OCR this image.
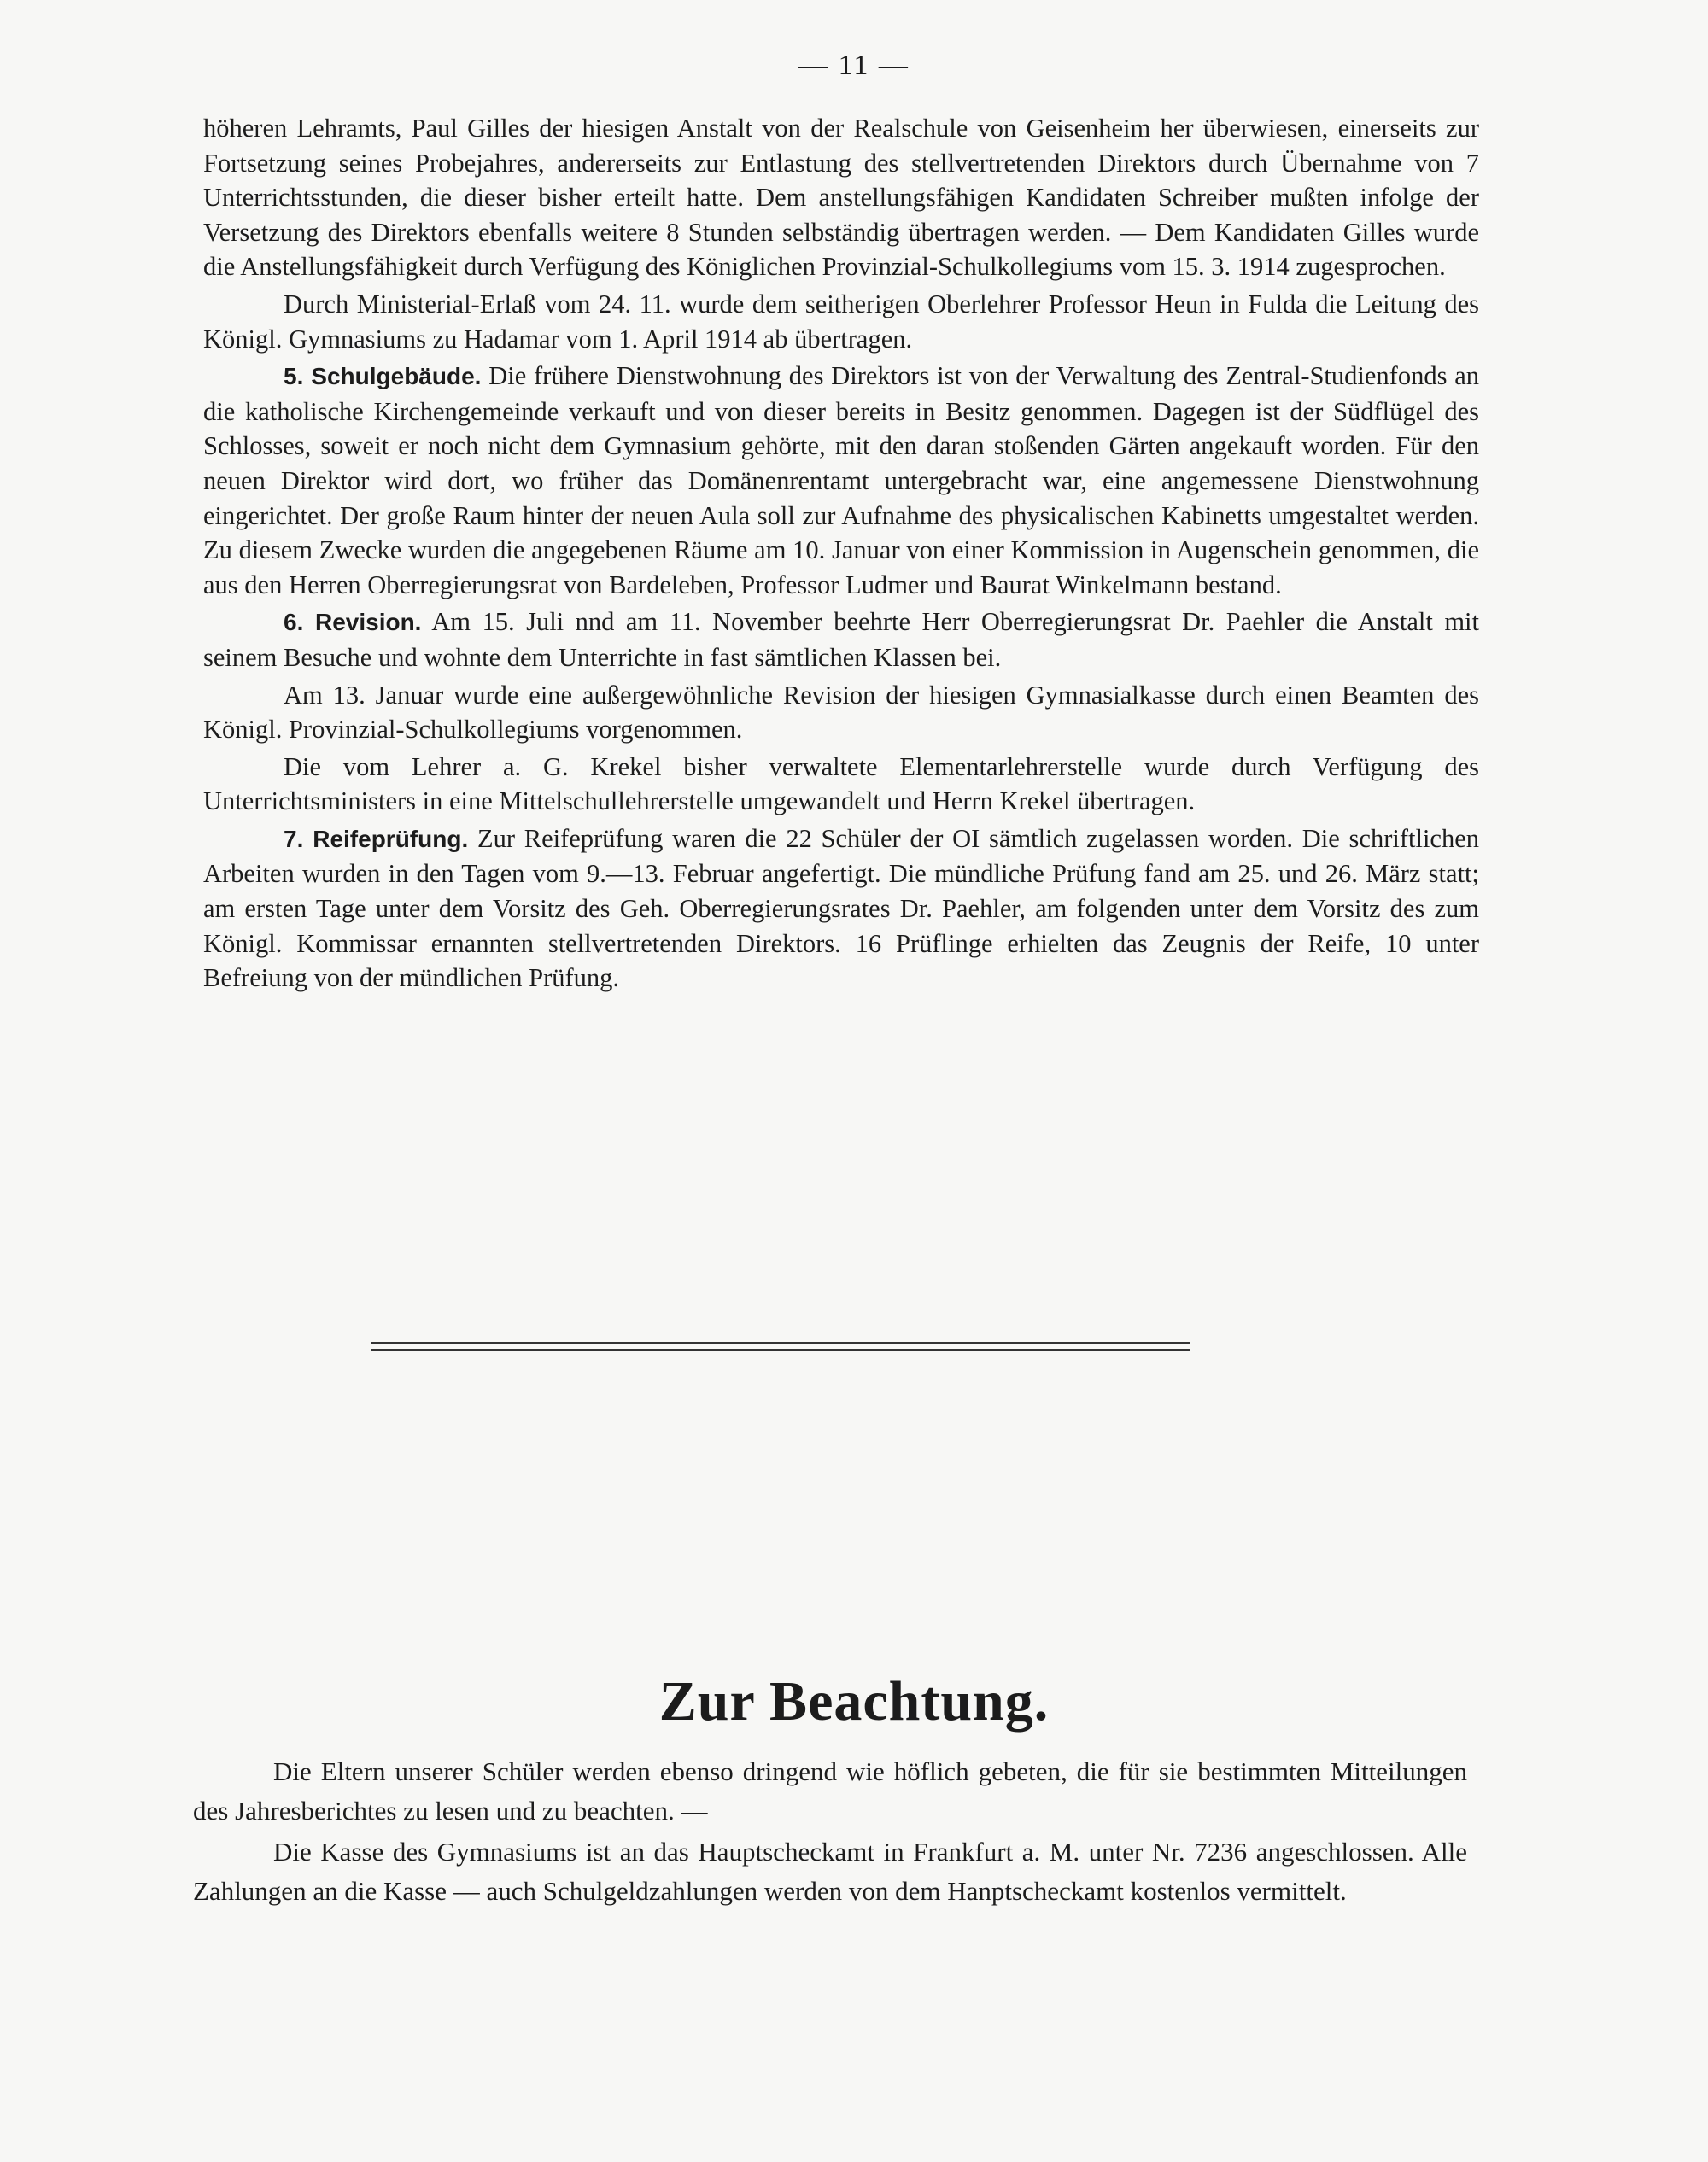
— 11 —

höheren Lehramts, Paul Gilles der hiesigen Anstalt von der Realschule von Geisenheim her überwiesen, einerseits zur Fortsetzung seines Probejahres, andererseits zur Entlastung des stellvertretenden Direktors durch Übernahme von 7 Unterrichtsstunden, die dieser bisher erteilt hatte. Dem anstellungsfähigen Kandidaten Schreiber mußten infolge der Versetzung des Direktors ebenfalls weitere 8 Stunden selbständig übertragen werden. — Dem Kandidaten Gilles wurde die Anstellungsfähigkeit durch Verfügung des Königlichen Provinzial-Schulkollegiums vom 15. 3. 1914 zugesprochen.

Durch Ministerial-Erlaß vom 24. 11. wurde dem seitherigen Oberlehrer Professor Heun in Fulda die Leitung des Königl. Gymnasiums zu Hadamar vom 1. April 1914 ab übertragen.

5. Schulgebäude. Die frühere Dienstwohnung des Direktors ist von der Verwaltung des Zentral-Studienfonds an die katholische Kirchengemeinde verkauft und von dieser bereits in Besitz genommen. Dagegen ist der Südflügel des Schlosses, soweit er noch nicht dem Gymnasium gehörte, mit den daran stoßenden Gärten angekauft worden. Für den neuen Direktor wird dort, wo früher das Domänenrentamt untergebracht war, eine angemessene Dienstwohnung eingerichtet. Der große Raum hinter der neuen Aula soll zur Aufnahme des physicalischen Kabinetts umgestaltet werden. Zu diesem Zwecke wurden die angegebenen Räume am 10. Januar von einer Kommission in Augenschein genommen, die aus den Herren Oberregierungsrat von Bardeleben, Professor Ludmer und Baurat Winkelmann bestand.

6. Revision. Am 15. Juli nnd am 11. November beehrte Herr Oberregierungsrat Dr. Paehler die Anstalt mit seinem Besuche und wohnte dem Unterrichte in fast sämtlichen Klassen bei.

Am 13. Januar wurde eine außergewöhnliche Revision der hiesigen Gymnasialkasse durch einen Beamten des Königl. Provinzial-Schulkollegiums vorgenommen.

Die vom Lehrer a. G. Krekel bisher verwaltete Elementarlehrerstelle wurde durch Verfügung des Unterrichtsministers in eine Mittelschullehrerstelle umgewandelt und Herrn Krekel übertragen.

7. Reifeprüfung. Zur Reifeprüfung waren die 22 Schüler der OI sämtlich zugelassen worden. Die schriftlichen Arbeiten wurden in den Tagen vom 9.—13. Februar angefertigt. Die mündliche Prüfung fand am 25. und 26. März statt; am ersten Tage unter dem Vorsitz des Geh. Oberregierungsrates Dr. Paehler, am folgenden unter dem Vorsitz des zum Königl. Kommissar ernannten stellvertretenden Direktors. 16 Prüflinge erhielten das Zeugnis der Reife, 10 unter Befreiung von der mündlichen Prüfung.

Zur Beachtung.

Die Eltern unserer Schüler werden ebenso dringend wie höflich gebeten, die für sie bestimmten Mitteilungen des Jahresberichtes zu lesen und zu beachten. —

Die Kasse des Gymnasiums ist an das Hauptscheckamt in Frankfurt a. M. unter Nr. 7236 angeschlossen. Alle Zahlungen an die Kasse — auch Schulgeldzahlungen werden von dem Hanptscheckamt kostenlos vermittelt.
